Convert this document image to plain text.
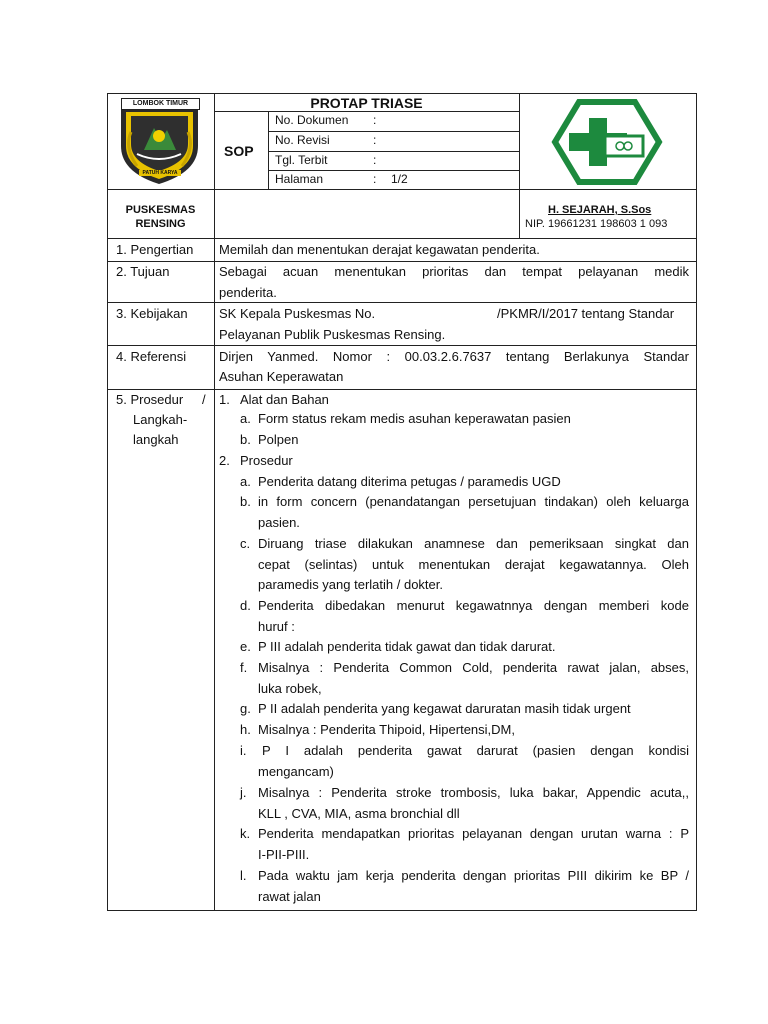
LOMBOK TIMUR
PATUH KARYA
PROTAP TRIASE
SOP
No. Dokumen :
No. Revisi	:
Tgl. Terbit	:
Halaman	: 1/2
PUSKESMAS
RENSING
H. SEJARAH, S.Sos
NIP. 19661231 198603 1 093
1. Pengertian Memilah dan menentukan derajat kegawatan penderita.
2. Tujuan	Sebagai acuan menentukan prioritas dan tempat pelayanan medik
penderita.
3. Kebijakan SK Kepala Puskesmas No.	/PKMR/I/2017 tentang Standar
Pelayanan Publik Puskesmas Rensing.
4. Referensi	Dirjen Yanmed. Nomor : 00.03.2.6.7637 tentang Berlakunya Standar
Asuhan Keperawatan
5. Prosedur /
Langkah-
langkah
1. Alat dan Bahan
a. Form status rekam medis asuhan keperawatan pasien
b. Polpen
2. Prosedur
a. Penderita datang diterima petugas / paramedis UGD
b. in form concern (penandatangan persetujuan tindakan) oleh keluarga
pasien.
c. Diruang triase dilakukan anamnese dan pemeriksaan singkat dan
cepat (selintas) untuk menentukan derajat kegawatannya. Oleh
paramedis yang terlatih / dokter.
d. Penderita dibedakan menurut kegawatnnya dengan memberi kode
huruf :
e. P III adalah penderita tidak gawat dan tidak darurat.
f. Misalnya : Penderita Common Cold, penderita rawat jalan, abses,
luka robek,
g. P II adalah penderita yang kegawat daruratan masih tidak urgent
h. Misalnya : Penderita Thipoid, Hipertensi,DM,
i. P I adalah penderita gawat darurat (pasien dengan kondisi
mengancam)
j. Misalnya : Penderita stroke trombosis, luka bakar, Appendic acuta,,
KLL , CVA, MIA, asma bronchial dll
k. Penderita mendapatkan prioritas pelayanan dengan urutan warna : P
I-PII-PIII.
l. Pada waktu jam kerja penderita dengan prioritas PIII dikirim ke BP /
rawat jalan
